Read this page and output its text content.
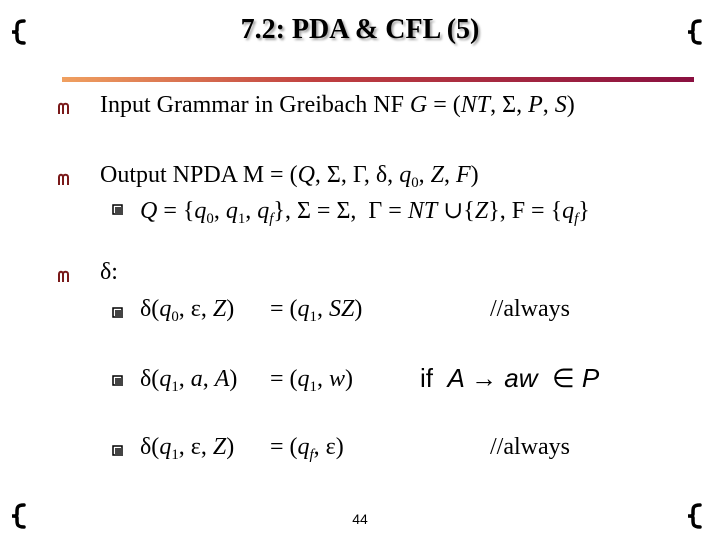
7.2: PDA & CFL (5)
Input Grammar in Greibach NF G = (NT, Σ, P, S)
Output NPDA M = (Q, Σ, Γ, δ, $q_0$, Z, F)
$Q = \{q_0$, $q_1$, $q_f$}, Σ = Σ,  Γ = NT ∪{Z}, $F = \{q_f\}$
δ:
$\delta(q_0$, ε, $Z) = (q_1$, SZ)	//always
$\delta(q_1$, a, $A) = (q_1$, w)	if  A → aw ∈ P
$\delta(q_1$, ε, $Z) = (q_f$, ε)	//always
44
